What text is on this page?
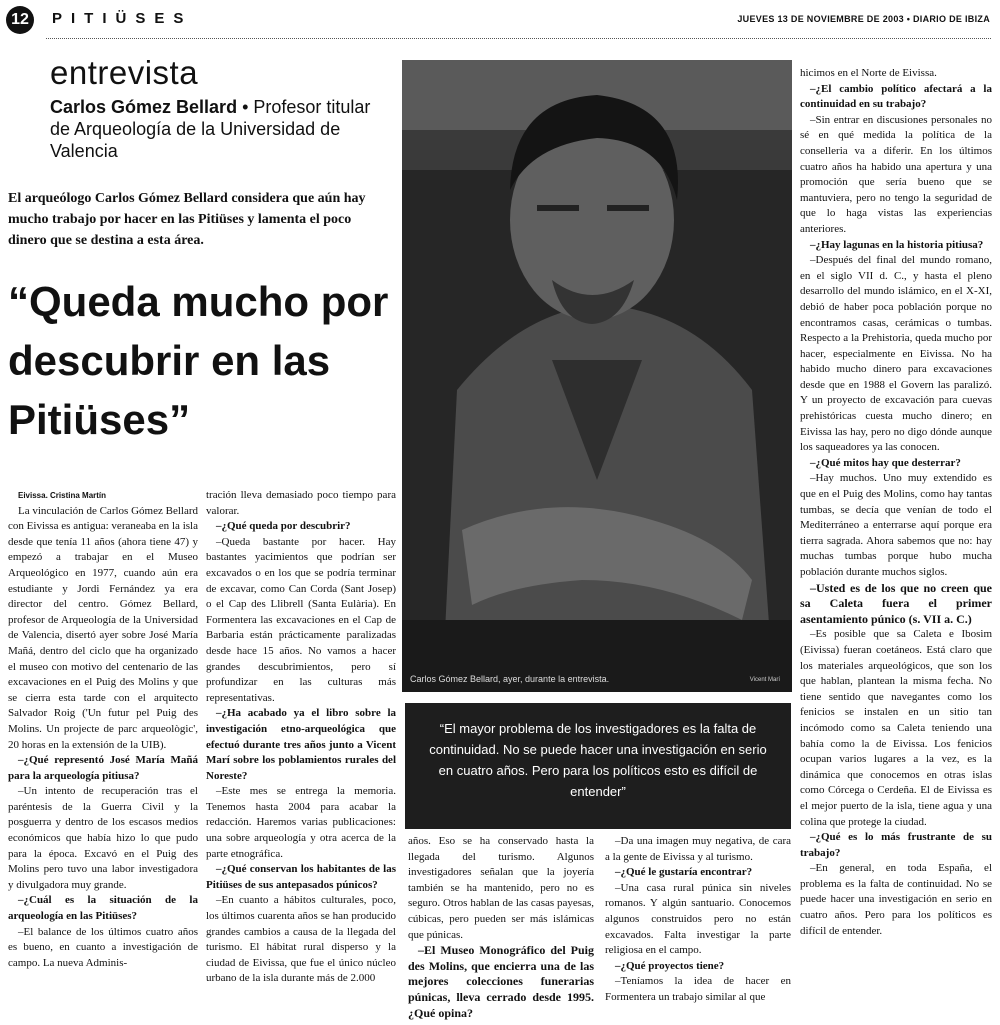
12	PITIÜSES	JUEVES 13 DE NOVIEMBRE DE 2003 • DIARIO DE IBIZA
entrevista
Carlos Gómez Bellard • Profesor titular de Arqueología de la Universidad de Valencia
El arqueólogo Carlos Gómez Bellard considera que aún hay mucho trabajo por hacer en las Pitiüses y lamenta el poco dinero que se destina a esta área.
“Queda mucho por descubrir en las Pitiüses”
Carlos Gómez Bellard, ayer, durante la entrevista.	Vicent Marí
“El mayor problema de los investigadores es la falta de continuidad. No se puede hacer una investigación en serio en cuatro años. Pero para los políticos esto es difícil de entender”

Eivissa. Cristina Martín

La vinculación de Carlos Gómez Bellard con Eivissa es antigua: veraneaba en la isla desde que tenía 11 años (ahora tiene 47) y empezó a trabajar en el Museo Arqueológico en 1977, cuando aún era estudiante y Jordi Fernández ya era director del centro. Gómez Bellard, profesor de Arqueología de la Universidad de Valencia, disertó ayer sobre José María Mañá, dentro del ciclo que ha organizado el museo con motivo del centenario de las excavaciones en el Puig des Molins y que se cierra esta tarde con el arquitecto Salvador Roig ('Un futur pel Puig des Molins. Un projecte de parc arqueològic', 20 horas en la extensión de la UIB).

–¿Qué representó José María Mañá para la arqueología pitiusa?

–Un intento de recuperación tras el paréntesis de la Guerra Civil y la posguerra y dentro de los escasos medios económicos que había hizo lo que pudo para la época. Excavó en el Puig des Molins pero tuvo una labor investigadora y divulgadora muy grande.

–¿Cuál es la situación de la arqueología en las Pitiüses?

–El balance de los últimos cuatro años es bueno, en cuanto a investigación de campo. La nueva Adminis-

tración lleva demasiado poco tiempo para valorar.

–¿Qué queda por descubrir?

–Queda bastante por hacer. Hay bastantes yacimientos que podrían ser excavados o en los que se podría terminar de excavar, como Can Corda (Sant Josep) o el Cap des Llibrell (Santa Eulària). En Formentera las excavaciones en el Cap de Barbaria están prácticamente paralizadas desde hace 15 años. No vamos a hacer grandes descubrimientos, pero sí profundizar en las culturas más representativas.

–¿Ha acabado ya el libro sobre la investigación etno-arqueológica que efectuó durante tres años junto a Vicent Marí sobre los poblamientos rurales del Noreste?

–Este mes se entrega la memoria. Tenemos hasta 2004 para acabar la redacción. Haremos varias publicaciones: una sobre arqueología y otra acerca de la parte etnográfica.

–¿Qué conservan los habitantes de las Pitiüses de sus antepasados púnicos?

–En cuanto a hábitos culturales, poco, los últimos cuarenta años se han producido grandes cambios a causa de la llegada del turismo. El hábitat rural disperso y la ciudad de Eivissa, que fue el único núcleo urbano de la isla durante más de 2.000

años. Eso se ha conservado hasta la llegada del turismo. Algunos investigadores señalan que la joyería también se ha mantenido, pero no es seguro. Otros hablan de las casas payesas, cúbicas, pero pueden ser más islámicas que púnicas.

–El Museo Monográfico del Puig des Molins, que encierra una de las mejores colecciones funerarias púnicas, lleva cerrado desde 1995. ¿Qué opina?

–Da una imagen muy negativa, de cara a la gente de Eivissa y al turismo.

–¿Qué le gustaría encontrar?

–Una casa rural púnica sin niveles romanos. Y algún santuario. Conocemos algunos construidos pero no están excavados. Falta investigar la parte religiosa en el campo.

–¿Qué proyectos tiene?

–Teníamos la idea de hacer en Formentera un trabajo similar al que

hicimos en el Norte de Eivissa.

–¿El cambio político afectará a la continuidad en su trabajo?

–Sin entrar en discusiones personales no sé en qué medida la política de la conselleria va a diferir. En los últimos cuatro años ha habido una apertura y una promoción que sería bueno que se mantuviera, pero no tengo la seguridad de que lo haga vistas las experiencias anteriores.

–¿Hay lagunas en la historia pitiusa?

–Después del final del mundo romano, en el siglo VII d. C., y hasta el pleno desarrollo del mundo islámico, en el X-XI, debió de haber poca población porque no encontramos casas, cerámicas o tumbas. Respecto a la Prehistoria, queda mucho por hacer, especialmente en Eivissa. No ha habido mucho dinero para excavaciones desde que en 1988 el Govern las paralizó. Y un proyecto de excavación para cuevas prehistóricas cuesta mucho dinero; en Eivissa las hay, pero no digo dónde aunque los saqueadores ya las conocen.

–¿Qué mitos hay que desterrar?

–Hay muchos. Uno muy extendido es que en el Puig des Molins, como hay tantas tumbas, se decía que venían de todo el Mediterráneo a enterrarse aquí porque era tierra sagrada. Ahora sabemos que no: hay muchas tumbas porque hubo mucha población durante muchos siglos.

–Usted es de los que no creen que sa Caleta fuera el primer asentamiento púnico (s. VII a. C.)

–Es posible que sa Caleta e Ibosim (Eivissa) fueran coetáneos. Está claro que los materiales arqueológicos, que son los que hablan, plantean la misma fecha. No tiene sentido que navegantes como los fenicios se instalen en un sitio tan incómodo como sa Caleta teniendo una bahía como la de Eivissa. Los fenicios ocupan varios lugares a la vez, es la dinámica que conocemos en otras islas como Córcega o Cerdeña. El de Eivissa es el mejor puerto de la isla, tiene agua y una colina que protege la ciudad.

–¿Qué es lo más frustrante de su trabajo?

–En general, en toda España, el problema es la falta de continuidad. No se puede hacer una investigación en serio en cuatro años. Pero para los políticos es difícil de entender.
